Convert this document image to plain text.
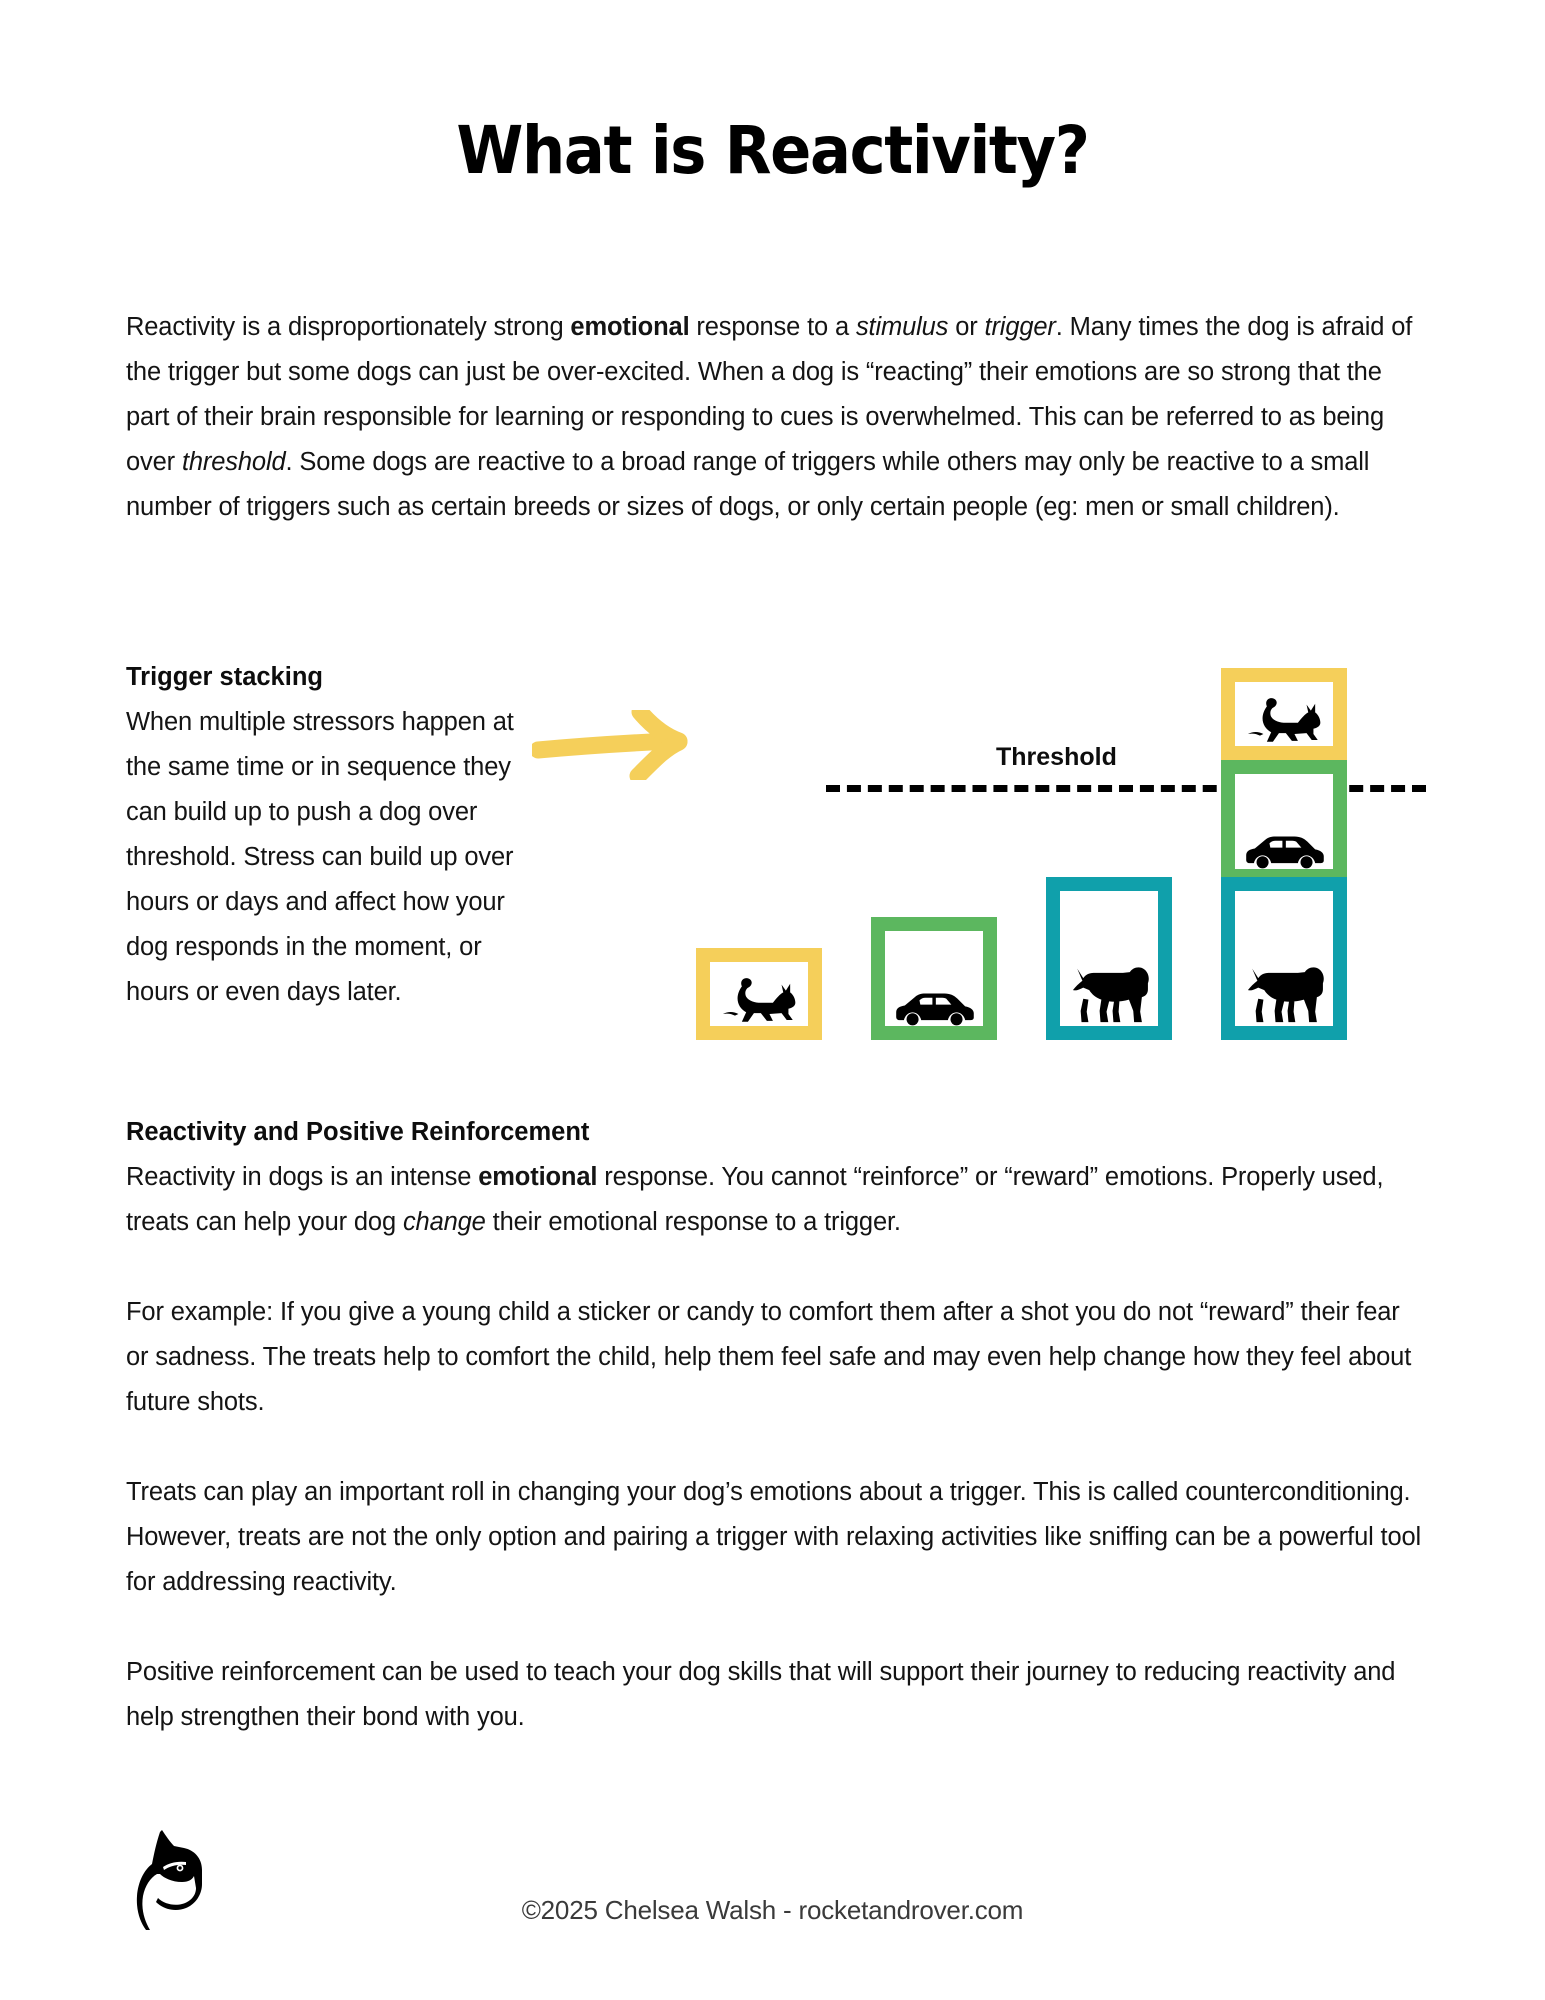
What is Reactivity?

Reactivity is a disproportionately strong emotional response to a stimulus or trigger. Many times the dog is afraid of the trigger but some dogs can just be over-excited. When a dog is “reacting” their emotions are so strong that the part of their brain responsible for learning or responding to cues is overwhelmed. This can be referred to as being over threshold. Some dogs are reactive to a broad range of triggers while others may only be reactive to a small number of triggers such as certain breeds or sizes of dogs, or only certain people (eg: men or small children).

Trigger stacking

When multiple stressors happen at the same time or in sequence they can build up to push a dog over threshold. Stress can build up over hours or days and affect how your dog responds in the moment, or hours or even days later.

Threshold

Reactivity and Positive Reinforcement

Reactivity in dogs is an intense emotional response. You cannot “reinforce” or “reward” emotions. Properly used, treats can help your dog change their emotional response to a trigger.

For example: If you give a young child a sticker or candy to comfort them after a shot you do not “reward” their fear or sadness. The treats help to comfort the child, help them feel safe and may even help change how they feel about future shots.

Treats can play an important roll in changing your dog’s emotions about a trigger. This is called counterconditioning. However, treats are not the only option and pairing a trigger with relaxing activities like sniffing can be a powerful tool for addressing reactivity.

Positive reinforcement can be used to teach your dog skills that will support their journey to reducing reactivity and help strengthen their bond with you.

©2025 Chelsea Walsh - rocketandrover.com
